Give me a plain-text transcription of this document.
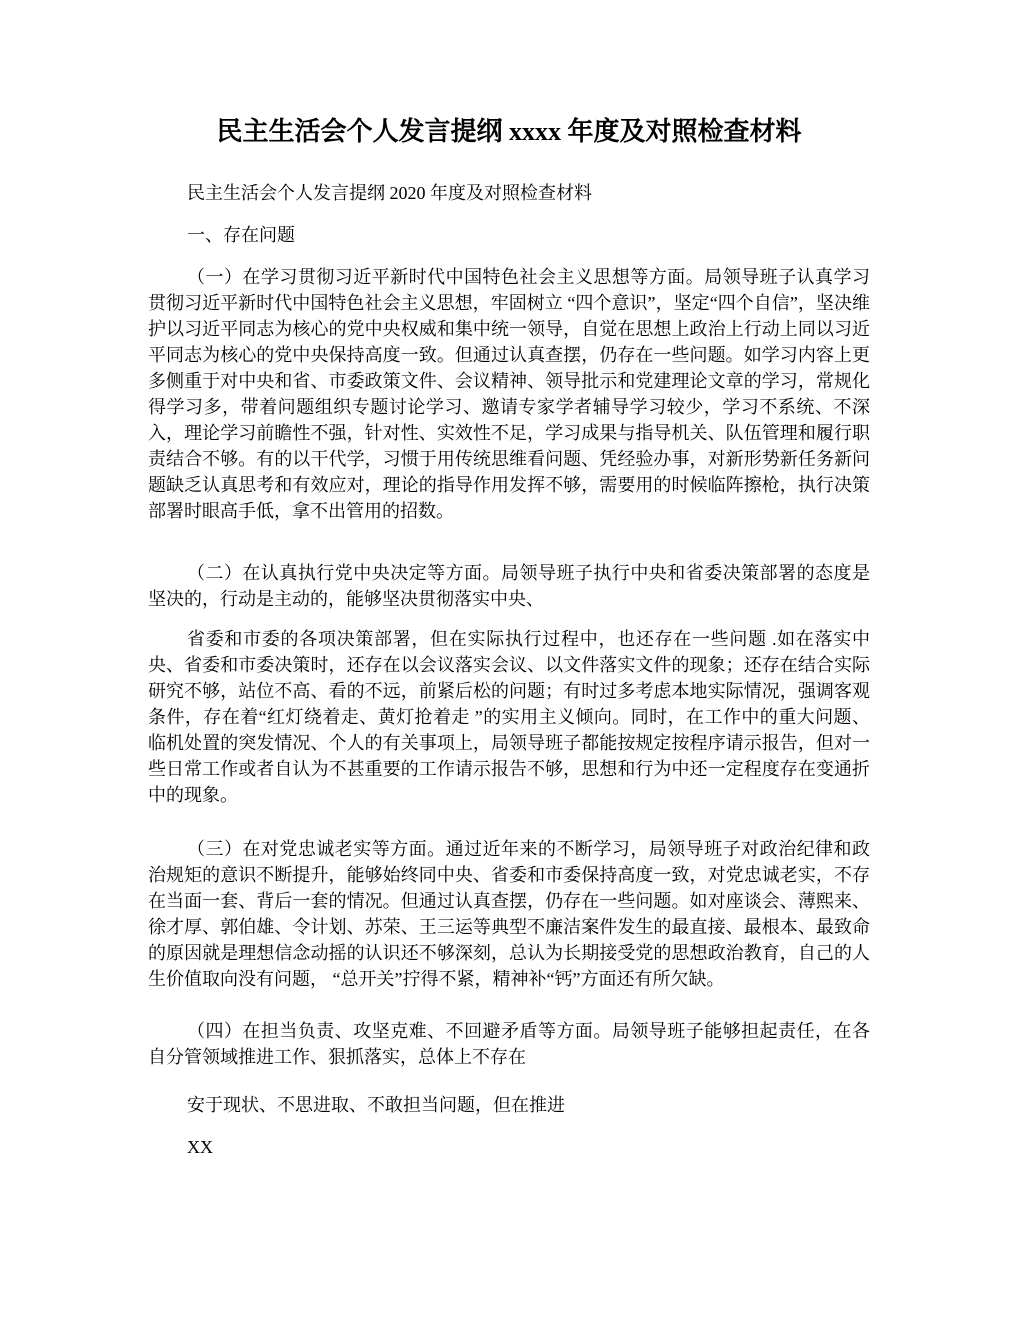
民主生活会个人发言提纲 xxxx 年度及对照检查材料

民主生活会个人发言提纲 2020 年度及对照检查材料

一、存在问题

（一）在学习贯彻习近平新时代中国特色社会主义思想等方面。局领导班子认真学习贯彻习近平新时代中国特色社会主义思想，牢固树立 “四个意识”，坚定“四个自信”，坚决维护以习近平同志为核心的党中央权威和集中统一领导，自觉在思想上政治上行动上同以习近平同志为核心的党中央保持高度一致。但通过认真查摆，仍存在一些问题。如学习内容上更多侧重于对中央和省、市委政策文件、会议精神、领导批示和党建理论文章的学习，常规化得学习多，带着问题组织专题讨论学习、邀请专家学者辅导学习较少，学习不系统、不深入，理论学习前瞻性不强，针对性、实效性不足，学习成果与指导机关、队伍管理和履行职责结合不够。有的以干代学，习惯于用传统思维看问题、凭经验办事，对新形势新任务新问题缺乏认真思考和有效应对，理论的指导作用发挥不够，需要用的时候临阵擦枪，执行决策部署时眼高手低，拿不出管用的招数。

（二）在认真执行党中央决定等方面。局领导班子执行中央和省委决策部署的态度是坚决的，行动是主动的，能够坚决贯彻落实中央、

省委和市委的各项决策部署，但在实际执行过程中，也还存在一些问题 .如在落实中央、省委和市委决策时，还存在以会议落实会议、以文件落实文件的现象；还存在结合实际研究不够，站位不高、看的不远，前紧后松的问题；有时过多考虑本地实际情况，强调客观条件，存在着“红灯绕着走、黄灯抢着走 ”的实用主义倾向。同时，在工作中的重大问题、临机处置的突发情况、个人的有关事项上，局领导班子都能按规定按程序请示报告，但对一些日常工作或者自认为不甚重要的工作请示报告不够，思想和行为中还一定程度存在变通折中的现象。

（三）在对党忠诚老实等方面。通过近年来的不断学习，局领导班子对政治纪律和政治规矩的意识不断提升，能够始终同中央、省委和市委保持高度一致，对党忠诚老实，不存在当面一套、背后一套的情况。但通过认真查摆，仍存在一些问题。如对座谈会、薄熙来、徐才厚、郭伯雄、令计划、苏荣、王三运等典型不廉洁案件发生的最直接、最根本、最致命的原因就是理想信念动摇的认识还不够深刻，总认为长期接受党的思想政治教育，自己的人生价值取向没有问题， “总开关”拧得不紧，精神补“钙”方面还有所欠缺。

（四）在担当负责、攻坚克难、不回避矛盾等方面。局领导班子能够担起责任，在各自分管领域推进工作、狠抓落实，总体上不存在

安于现状、不思进取、不敢担当问题，但在推进

XX
